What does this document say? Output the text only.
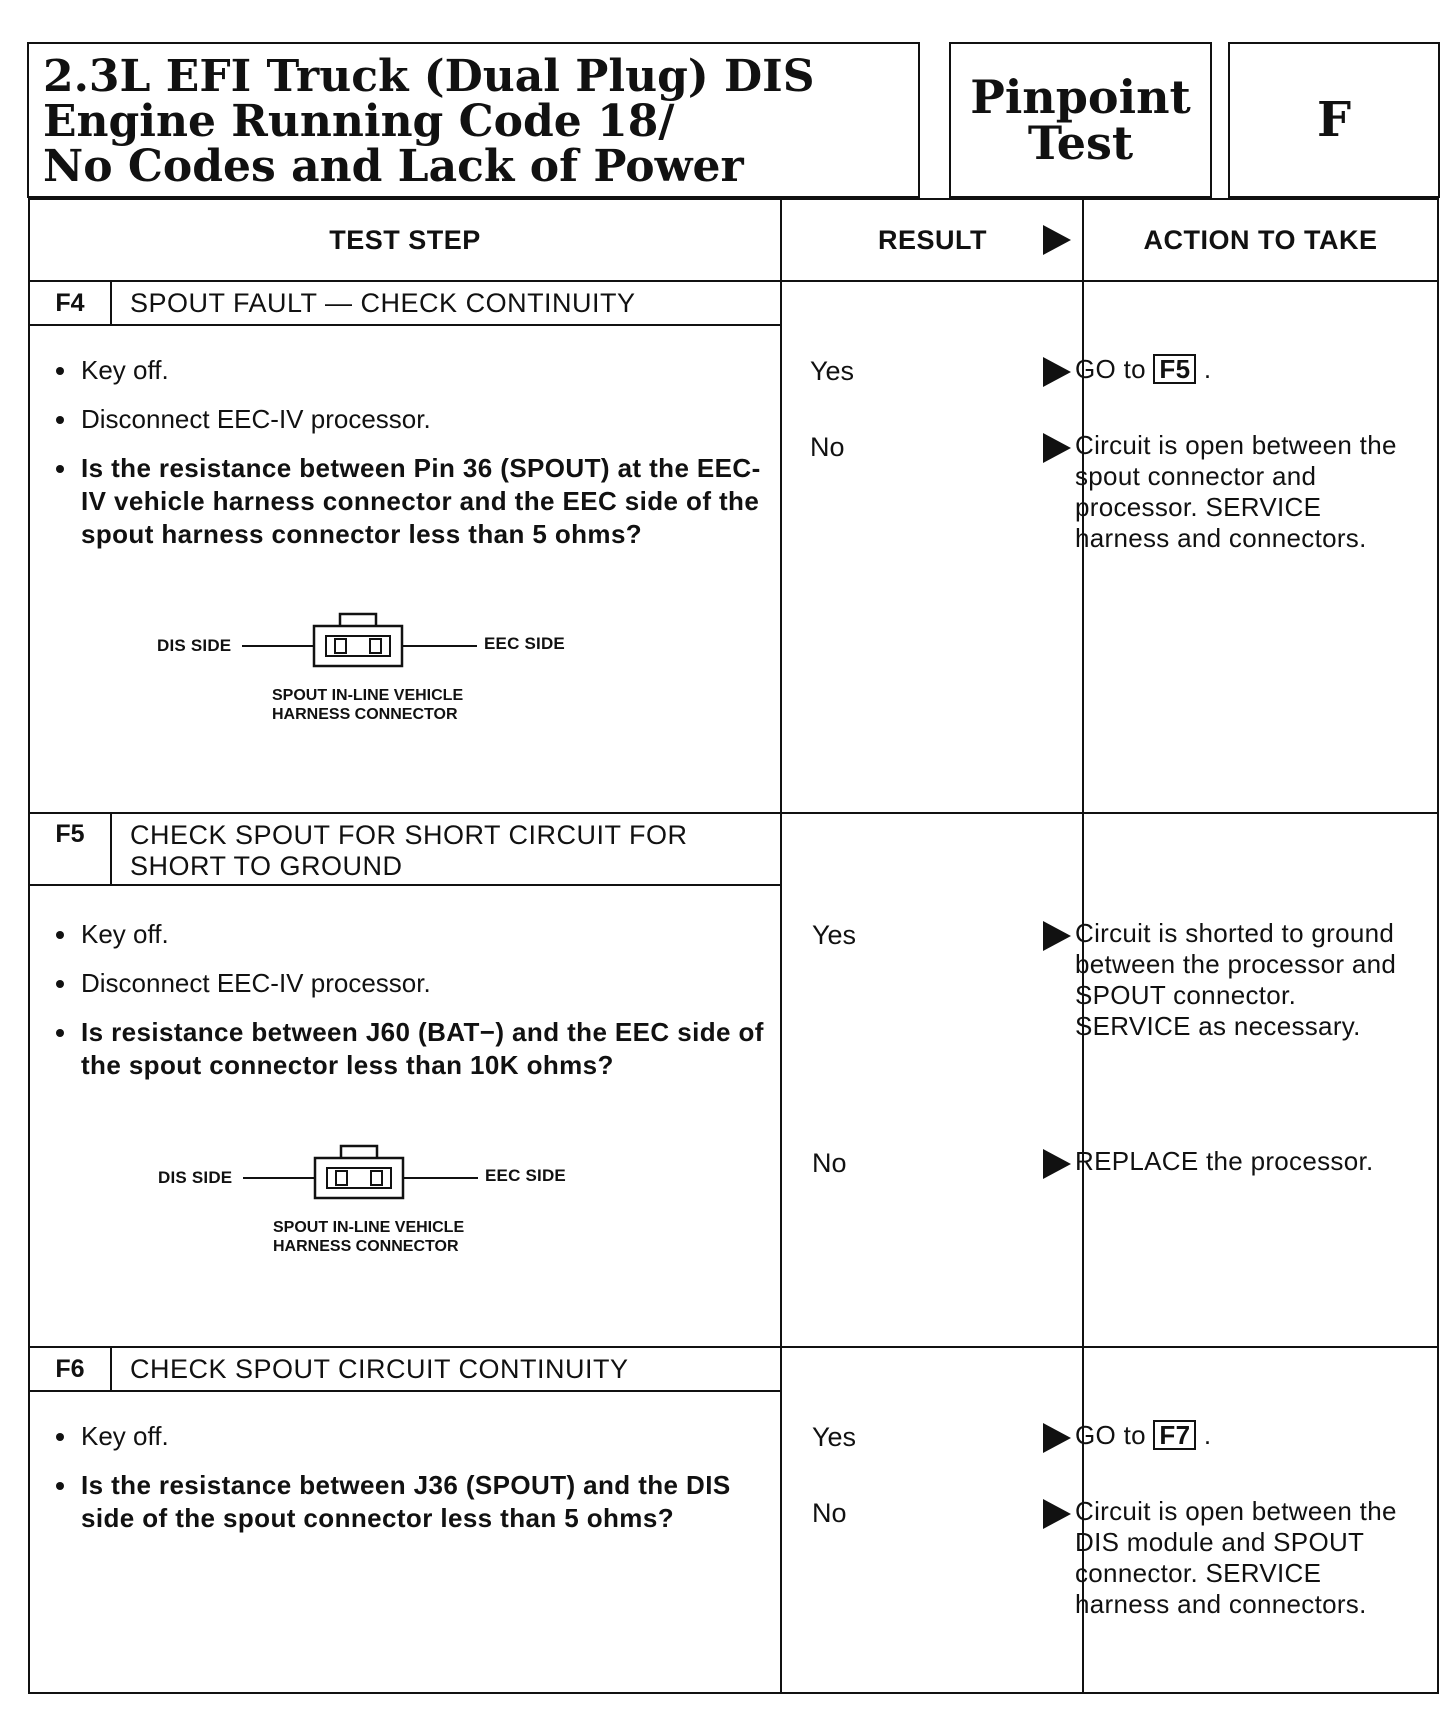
2.3L EFI Truck (Dual Plug) DIS
Engine Running Code 18/
No Codes and Lack of Power
Pinpoint
Test	F
TEST STEP	RESULT	ACTION TO TAKE
F4	SPOUT FAULT — CHECK CONTINUITY
Key off.
Disconnect EEC-IV processor.
Is the resistance between Pin 36 (SPOUT) at the EEC-IV vehicle harness connector and the EEC side of the spout harness connector less than 5 ohms?
DIS SIDE	EEC SIDE
SPOUT IN-LINE VEHICLE
HARNESS CONNECTOR
Yes	GO to F5 .
No	Circuit is open between the spout connector and processor. SERVICE harness and connectors.
F5	CHECK SPOUT FOR SHORT CIRCUIT FOR
SHORT TO GROUND
Key off.
Disconnect EEC-IV processor.
Is resistance between J60 (BAT−) and the EEC side of the spout connector less than 10K ohms?
DIS SIDE	EEC SIDE
SPOUT IN-LINE VEHICLE
HARNESS CONNECTOR
Yes	Circuit is shorted to ground between the processor and SPOUT connector. SERVICE as necessary.
No	REPLACE the processor.
F6	CHECK SPOUT CIRCUIT CONTINUITY
Key off.
Is the resistance between J36 (SPOUT) and the DIS side of the spout connector less than 5 ohms?
Yes	GO to F7 .
No	Circuit is open between the DIS module and SPOUT connector. SERVICE harness and connectors.
